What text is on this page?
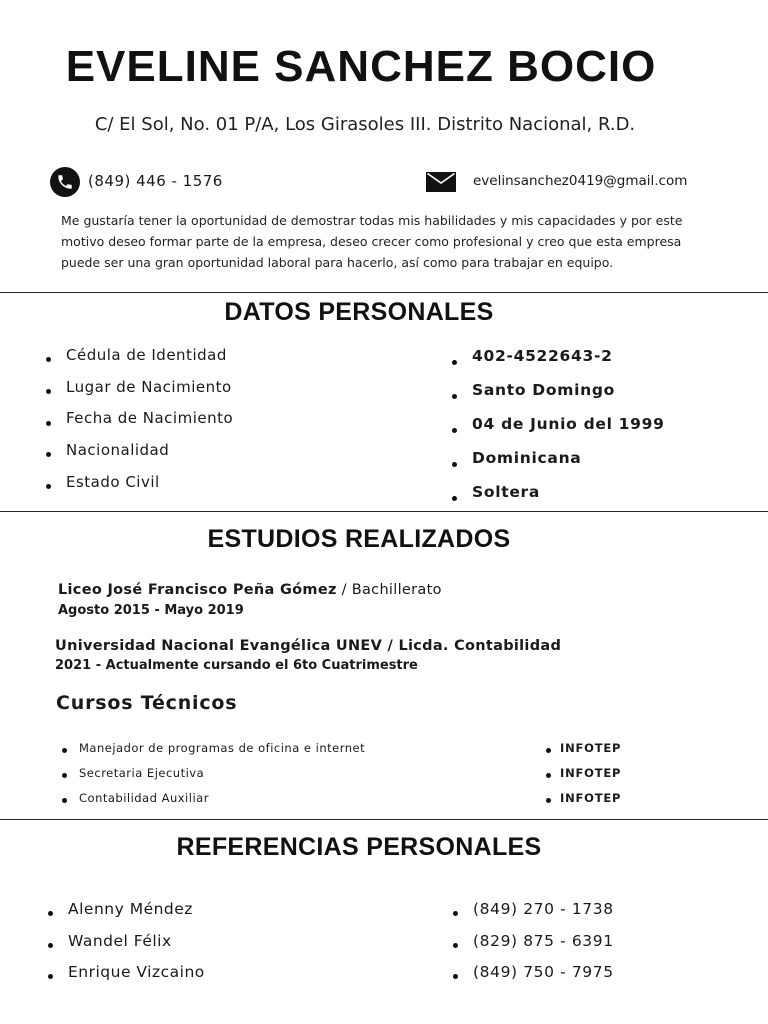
EVELINE SANCHEZ BOCIO
C/ El Sol, No. 01 P/A, Los Girasoles III. Distrito Nacional, R.D.
(849) 446 - 1576	evelinsanchez0419@gmail.com
Me gustaría tener la oportunidad de demostrar todas mis habilidades y mis capacidades y por este motivo deseo formar parte de la empresa, deseo crecer como profesional y creo que esta empresa puede ser una gran oportunidad laboral para hacerlo, así como para trabajar en equipo.
DATOS PERSONALES
Cédula de Identidad
Lugar de Nacimiento
Fecha de Nacimiento
Nacionalidad
Estado Civil
402-4522643-2
Santo Domingo
04 de Junio del 1999
Dominicana
Soltera
ESTUDIOS REALIZADOS
Liceo José Francisco Peña Gómez / Bachillerato
Agosto 2015 - Mayo 2019
Universidad Nacional Evangélica UNEV / Licda. Contabilidad
2021 - Actualmente cursando el 6to Cuatrimestre
Cursos Técnicos
Manejador de programas de oficina e internet
Secretaria Ejecutiva
Contabilidad Auxiliar
INFOTEP
INFOTEP
INFOTEP
REFERENCIAS PERSONALES
Alenny Méndez
Wandel Félix
Enrique Vizcaino
(849) 270 - 1738
(829) 875 - 6391
(849) 750 - 7975
